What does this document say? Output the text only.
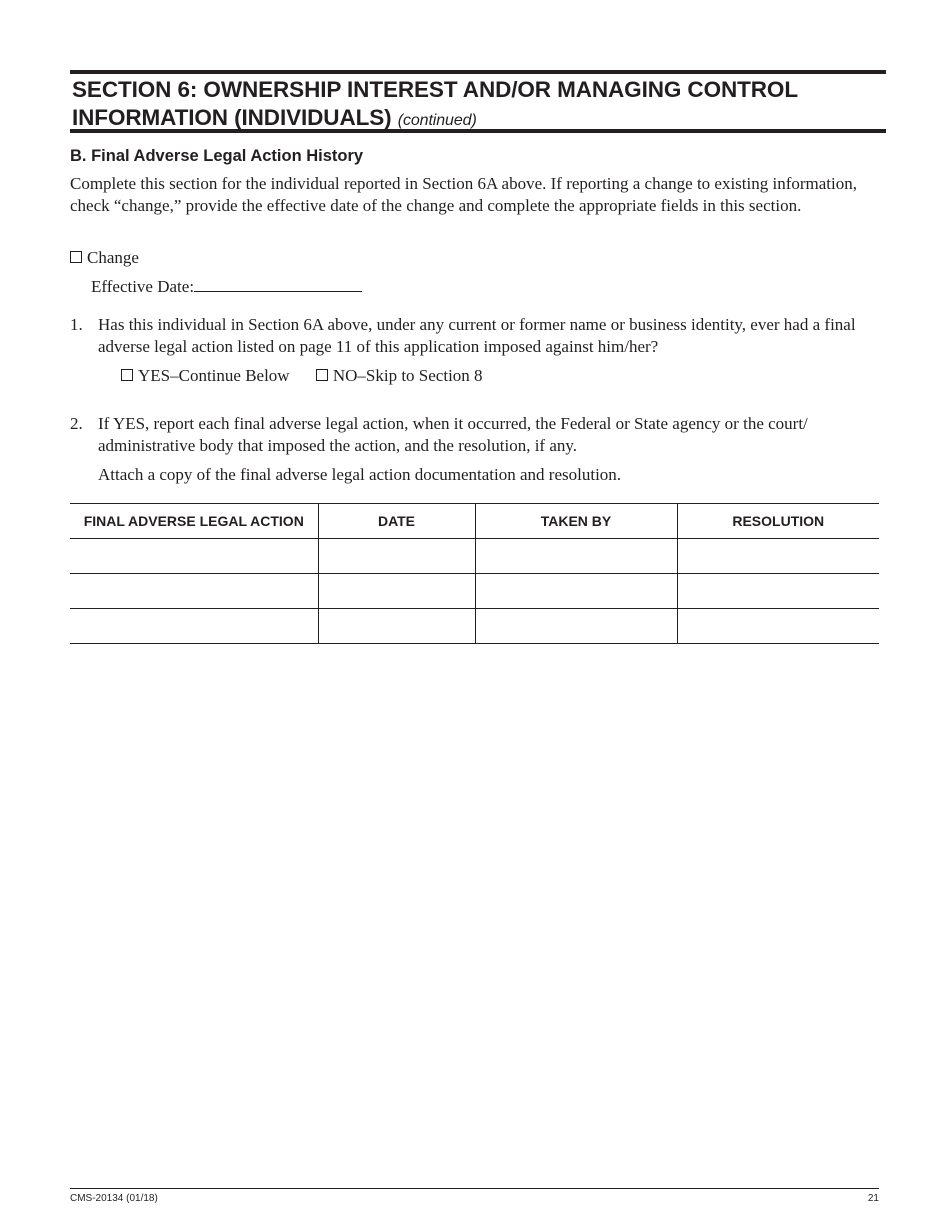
SECTION 6: OWNERSHIP INTEREST AND/OR MANAGING CONTROL
INFORMATION (INDIVIDUALS) (continued)
B. Final Adverse Legal Action History
Complete this section for the individual reported in Section 6A above. If reporting a change to existing information, check “change,” provide the effective date of the change and complete the appropriate fields in this section.
Change
Effective Date:
1. Has this individual in Section 6A above, under any current or former name or business identity, ever had a final adverse legal action listed on page 11 of this application imposed against him/her?
YES–Continue Below	NO–Skip to Section 8
2. If YES, report each final adverse legal action, when it occurred, the Federal or State agency or the court/ administrative body that imposed the action, and the resolution, if any.
Attach a copy of the final adverse legal action documentation and resolution.
FINAL ADVERSE LEGAL ACTION	DATE	TAKEN BY	RESOLUTION

CMS-20134 (01/18)	21
